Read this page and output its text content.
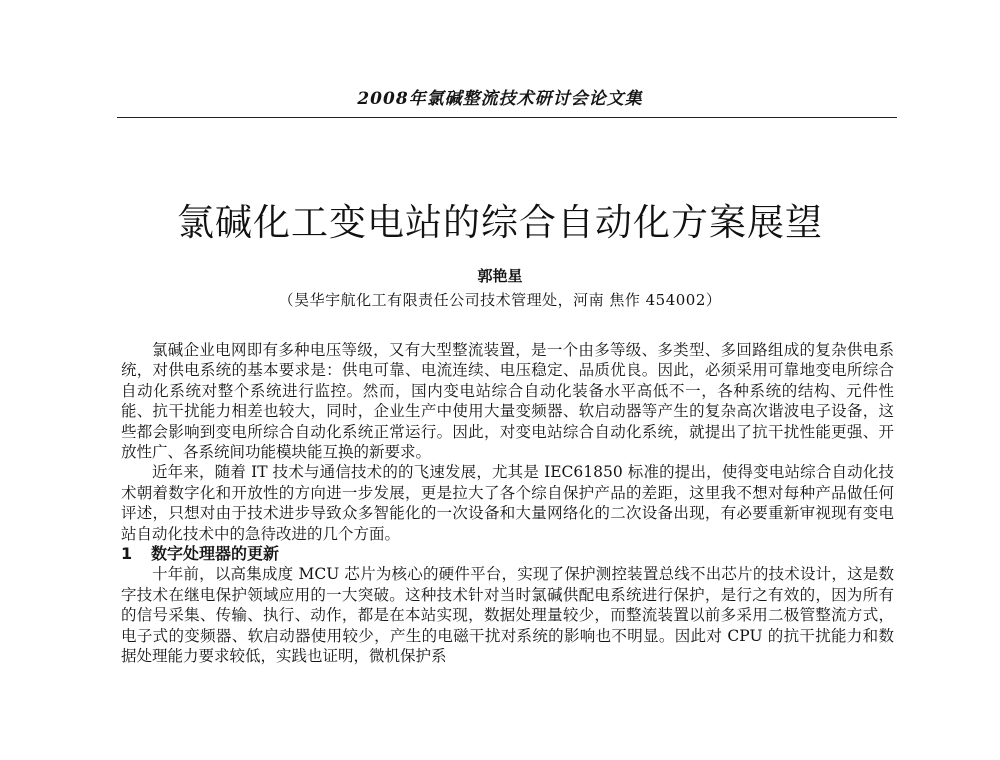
2008年氯碱整流技术研讨会论文集
氯碱化工变电站的综合自动化方案展望
郭艳星
（昊华宇航化工有限责任公司技术管理处，河南 焦作 454002）

氯碱企业电网即有多种电压等级，又有大型整流装置，是一个由多等级、多类型、多回路组成的复杂供电系统，对供电系统的基本要求是：供电可靠、电流连续、电压稳定、品质优良。因此，必须采用可靠地变电所综合自动化系统对整个系统进行监控。然而，国内变电站综合自动化装备水平高低不一，各种系统的结构、元件性能、抗干扰能力相差也较大，同时，企业生产中使用大量变频器、软启动器等产生的复杂高次谐波电子设备，这些都会影响到变电所综合自动化系统正常运行。因此，对变电站综合自动化系统，就提出了抗干扰性能更强、开放性广、各系统间功能模块能互换的新要求。

近年来，随着 IT 技术与通信技术的的飞速发展，尤其是 IEC61850 标准的提出，使得变电站综合自动化技术朝着数字化和开放性的方向进一步发展，更是拉大了各个综自保护产品的差距，这里我不想对每种产品做任何评述，只想对由于技术进步导致众多智能化的一次设备和大量网络化的二次设备出现，有必要重新审视现有变电站自动化技术中的急待改进的几个方面。

1 数字处理器的更新

十年前，以高集成度 MCU 芯片为核心的硬件平台，实现了保护测控装置总线不出芯片的技术设计，这是数字技术在继电保护领域应用的一大突破。这种技术针对当时氯碱供配电系统进行保护，是行之有效的，因为所有的信号采集、传输、执行、动作，都是在本站实现，数据处理量较少，而整流装置以前多采用二极管整流方式，电子式的变频器、软启动器使用较少，产生的电磁干扰对系统的影响也不明显。因此对 CPU 的抗干扰能力和数据处理能力要求较低，实践也证明，微机保护系
